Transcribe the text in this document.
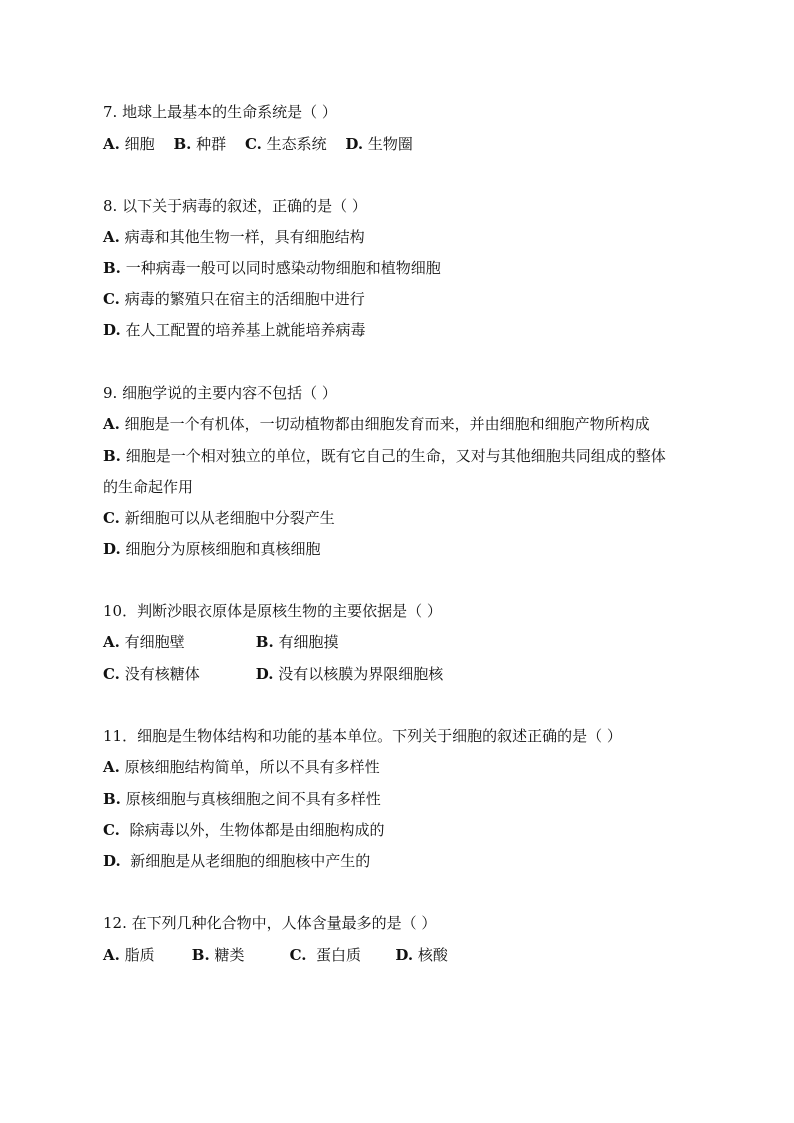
7. 地球上最基本的生命系统是（ ）
A. 细胞 B. 种群 C. 生态系统 D. 生物圈
8. 以下关于病毒的叙述，正确的是（ ）
A. 病毒和其他生物一样，具有细胞结构
B. 一种病毒一般可以同时感染动物细胞和植物细胞
C. 病毒的繁殖只在宿主的活细胞中进行
D. 在人工配置的培养基上就能培养病毒
9. 细胞学说的主要内容不包括（ ）
A. 细胞是一个有机体，一切动植物都由细胞发育而来，并由细胞和细胞产物所构成
B. 细胞是一个相对独立的单位，既有它自己的生命，又对与其他细胞共同组成的整体
的生命起作用
C. 新细胞可以从老细胞中分裂产生
D. 细胞分为原核细胞和真核细胞
10．判断沙眼衣原体是原核生物的主要依据是（ ）
A. 有细胞壁	B. 有细胞摸
C. 没有核糖体	D. 没有以核膜为界限细胞核
11．细胞是生物体结构和功能的基本单位。下列关于细胞的叙述正确的是（ ）
A. 原核细胞结构简单，所以不具有多样性
B. 原核细胞与真核细胞之间不具有多样性
C. 除病毒以外，生物体都是由细胞构成的
D. 新细胞是从老细胞的细胞核中产生的
12. 在下列几种化合物中，人体含量最多的是（ ）
A. 脂质 B. 糖类	C. 蛋白质 D. 核酸
